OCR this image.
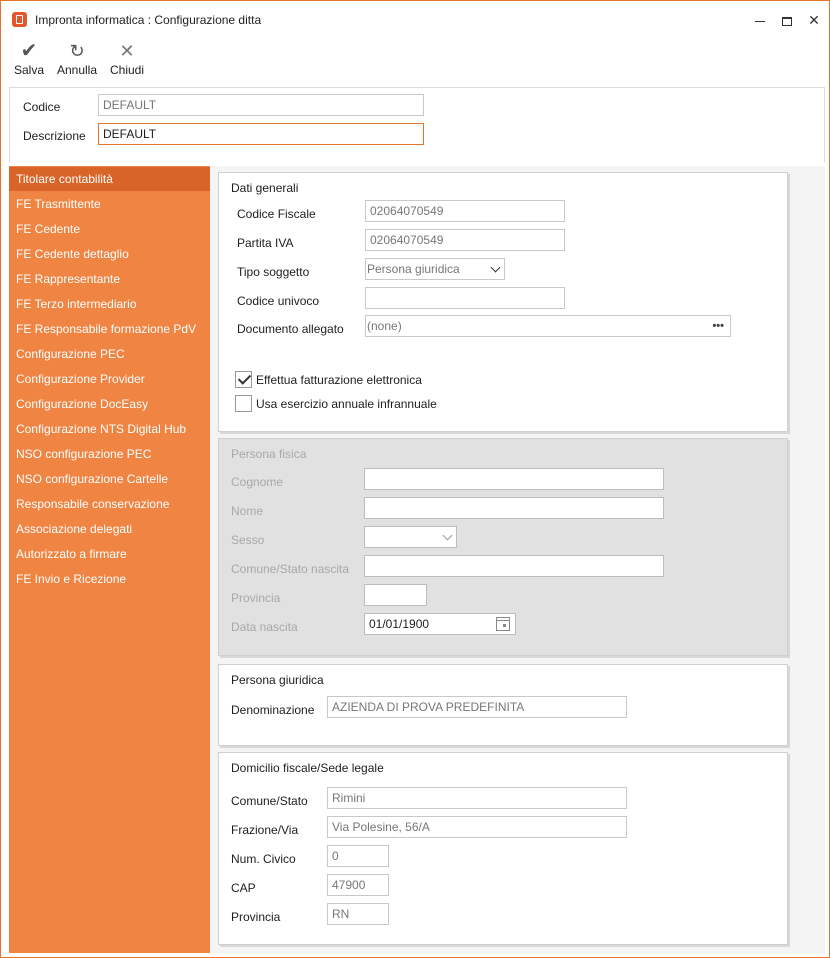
Impronta informatica : Configurazione ditta	✕
✔
Salva
↻
Annulla
✕
Chiudi
Codice	DEFAULT
Descrizione	DEFAULT
Titolare contabilità
FE Trasmittente
FE Cedente
FE Cedente dettaglio
FE Rappresentante
FE Terzo intermediario
FE Responsabile formazione PdV
Configurazione PEC
Configurazione Provider
Configurazione DocEasy
Configurazione NTS Digital Hub
NSO configurazione PEC
NSO configurazione Cartelle
Responsabile conservazione
Associazione delegati
Autorizzato a firmare
FE Invio e Ricezione
Dati generali
Codice Fiscale	02064070549
Partita IVA	02064070549
Tipo soggetto	Persona giuridica
Codice univoco
Documento allegato (none)	•••
Effettua fatturazione elettronica
Usa esercizio annuale infrannuale
Persona fisica
Cognome
Nome
Sesso
Comune/Stato nascita
Provincia
Data nascita	01/01/1900
Persona giuridica
Denominazione	AZIENDA DI PROVA PREDEFINITA
Domicilio fiscale/Sede legale
Comune/Stato	Rimini
Frazione/Via	Via Polesine, 56/A
Num. Civico	0
CAP	47900
Provincia	RN
